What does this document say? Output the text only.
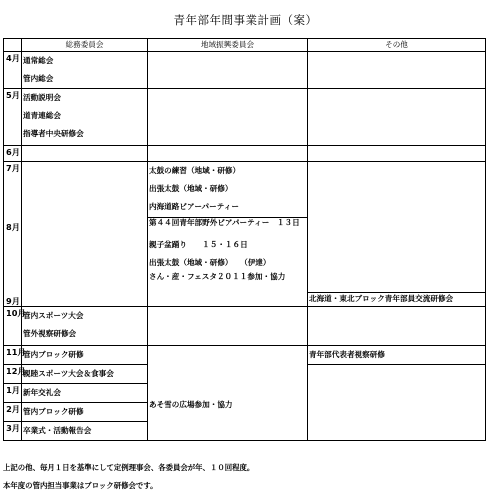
青年部年間事業計画（案）
	総務委員会	地域振興委員会	その他
4月	通常総会
管内総会		

5月	活動説明会
道青連総会
指導者中央研修会		

6月			
7月		太鼓の練習（地域・研修）
出張太鼓（地域・研修）
内海道路ビアーパーティー	

8月		第４４回青年部野外ビアパーティー　１３日
親子盆踊り　　１５・１６日
出張太鼓（地域・研修）　　（伊達）
さん・産・フェスタ２０１１参加・協力	

9月			北海道・東北ブロック青年部員交流研修会

10月	管内スポーツ大会
管外視察研修会		

11月	管内ブロック研修	あそ雪の広場参加・協力	青年部代表者視察研修

12月	親睦スポーツ大会＆食事会		

1月	新年交礼会		

2月	管内ブロック研修		

3月	卒業式・活動報告会		
上記の他、毎月１日を基準にして定例理事会、各委員会が年、１０回程度。
本年度の管内担当事業はブロック研修会です。
